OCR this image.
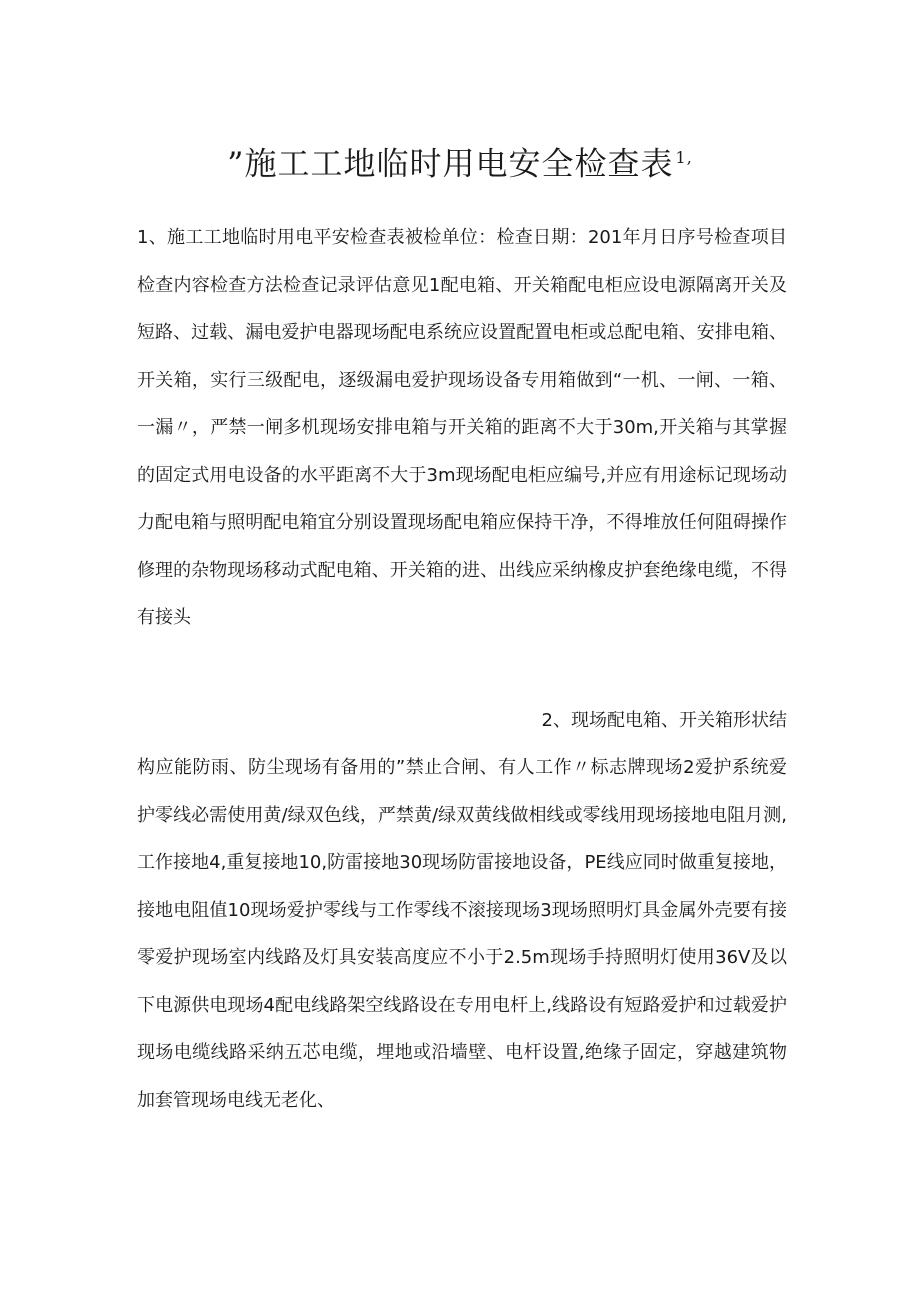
”施工工地临时用电安全检查表 $^{1,}$

1、施工工地临时用电平安检查表被检单位：检查日期：201年月日序号检查项目检查内容检查方法检查记录评估意见1配电箱、开关箱配电柜应设电源隔离开关及短路、过载、漏电爱护电器现场配电系统应设置配置电柜或总配电箱、安排电箱、开关箱，实行三级配电，逐级漏电爱护现场设备专用箱做到“一机、一闸、一箱、一漏〃，严禁一闸多机现场安排电箱与开关箱的距离不大于30m,开关箱与其掌握的固定式用电设备的水平距离不大于3m现场配电柜应编号,并应有用途标记现场动力配电箱与照明配电箱宜分别设置现场配电箱应保持干净，不得堆放任何阻碍操作修理的杂物现场移动式配电箱、开关箱的进、出线应采纳橡皮护套绝缘电缆，不得有接头

2、现场配电箱、开关箱形状结

构应能防雨、防尘现场有备用的”禁止合闸、有人工作〃标志牌现场2爱护系统爱护零线必需使用黄/绿双色线，严禁黄/绿双黄线做相线或零线用现场接地电阻月测,工作接地4,重复接地10,防雷接地30现场防雷接地设备，PE线应同时做重复接地，接地电阻值10现场爱护零线与工作零线不滚接现场3现场照明灯具金属外壳要有接零爱护现场室内线路及灯具安装高度应不小于2.5m现场手持照明灯使用36V及以下电源供电现场4配电线路架空线路设在专用电杆上,线路设有短路爱护和过载爱护现场电缆线路采纳五芯电缆，埋地或沿墙壁、电杆设置,绝缘子固定，穿越建筑物加套管现场电线无老化、
